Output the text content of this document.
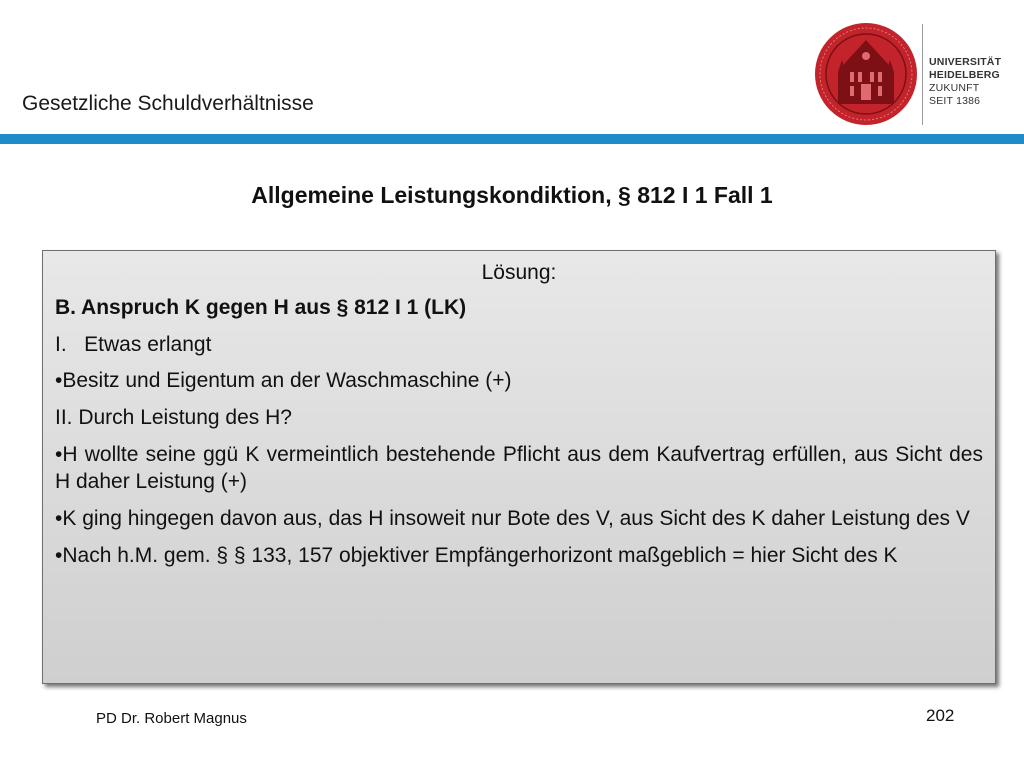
Gesetzliche Schuldverhältnisse
UNIVERSITÄT
HEIDELBERG
ZUKUNFT
SEIT 1386
Allgemeine Leistungskondiktion, § 812 I 1 Fall 1
Lösung:
B. Anspruch K gegen H aus § 812 I 1 (LK)
I.   Etwas erlangt
•Besitz und Eigentum an der Waschmaschine (+)
II. Durch Leistung des H?
•H wollte seine ggü K vermeintlich bestehende Pflicht aus dem Kaufvertrag erfüllen, aus Sicht des H daher Leistung (+)
•K ging hingegen davon aus, das H insoweit nur Bote des V, aus Sicht des K daher Leistung des V
•Nach h.M. gem. § § 133, 157 objektiver Empfängerhorizont maßgeblich = hier Sicht des K
PD Dr. Robert Magnus	202
